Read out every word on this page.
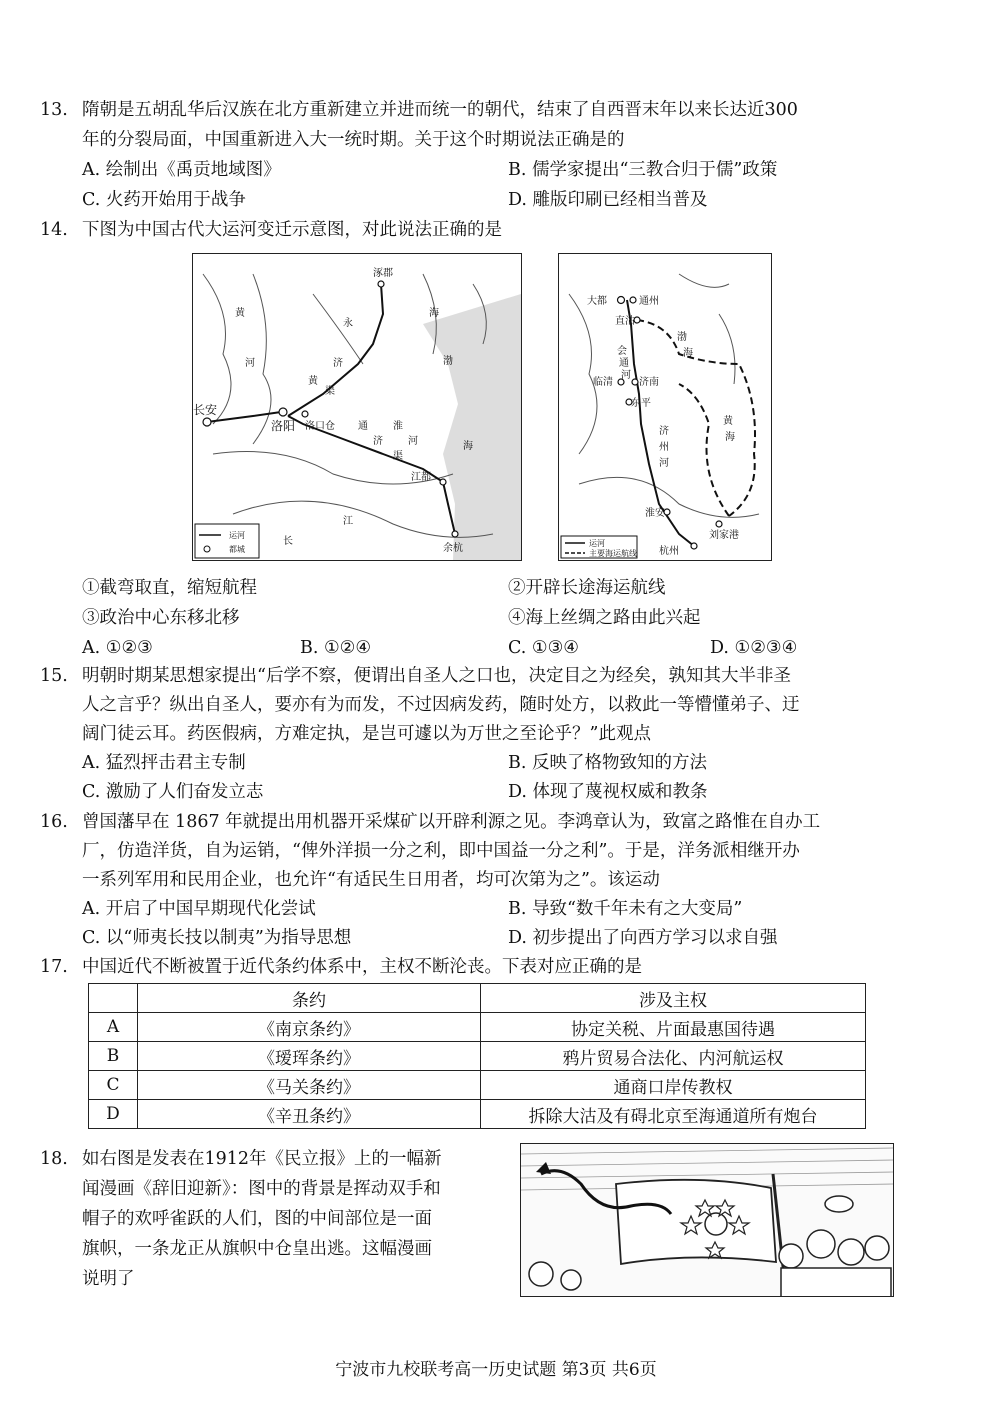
13. 隋朝是五胡乱华后汉族在北方重新建立并进而统一的朝代，结束了自西晋末年以来长达近300
年的分裂局面，中国重新进入大一统时期。关于这个时期说法正确是的
A. 绘制出《禹贡地域图》	B. 儒学家提出“三教合归于儒”政策
C. 火药开始用于战争	D. 雕版印刷已经相当普及
14. 下图为中国古代大运河变迁示意图，对此说法正确的是
涿郡
长安
洛阳 洛口仓
江都
余杭
黄
河
海
渤
永
济
渠
通
济
渠
黄
海
长
江
淮
河
运河
都城
大都	通州
直沽
临清	济南
东平
淮安
刘家港
杭州
渤
海
会
通
河
济
州
河
黄
海
运河
主要海运航线
①截弯取直，缩短航程	②开辟长途海运航线
③政治中心东移北移	④海上丝绸之路由此兴起
A. ①②③	B. ①②④	C. ①③④	D. ①②③④
15. 明朝时期某思想家提出“后学不察，便谓出自圣人之口也，决定目之为经矣，孰知其大半非圣
人之言乎？纵出自圣人，要亦有为而发，不过因病发药，随时处方，以救此一等懵懂弟子、迂
阔门徒云耳。药医假病，方难定执，是岂可遽以为万世之至论乎？”此观点
A. 猛烈抨击君主专制	B. 反映了格物致知的方法
C. 激励了人们奋发立志	D. 体现了蔑视权威和教条
16. 曾国藩早在 1867 年就提出用机器开采煤矿以开辟利源之见。李鸿章认为，致富之路惟在自办工
厂，仿造洋货，自为运销，“俾外洋损一分之利，即中国益一分之利”。于是，洋务派相继开办
一系列军用和民用企业，也允许“有适民生日用者，均可次第为之”。该运动
A. 开启了中国早期现代化尝试	B. 导致“数千年未有之大变局”
C. 以“师夷长技以制夷”为指导思想	D. 初步提出了向西方学习以求自强
17. 中国近代不断被置于近代条约体系中，主权不断沦丧。下表对应正确的是
	条约	涉及主权
A	《南京条约》	协定关税、片面最惠国待遇
B	《瑷珲条约》	鸦片贸易合法化、内河航运权
C	《马关条约》	通商口岸传教权
D	《辛丑条约》	拆除大沽及有碍北京至海通道所有炮台
18. 如右图是发表在1912年《民立报》上的一幅新
闻漫画《辞旧迎新》：图中的背景是挥动双手和
帽子的欢呼雀跃的人们，图的中间部位是一面
旗帜，一条龙正从旗帜中仓皇出逃。这幅漫画
说明了
宁波市九校联考高一历史试题 第3页 共6页
